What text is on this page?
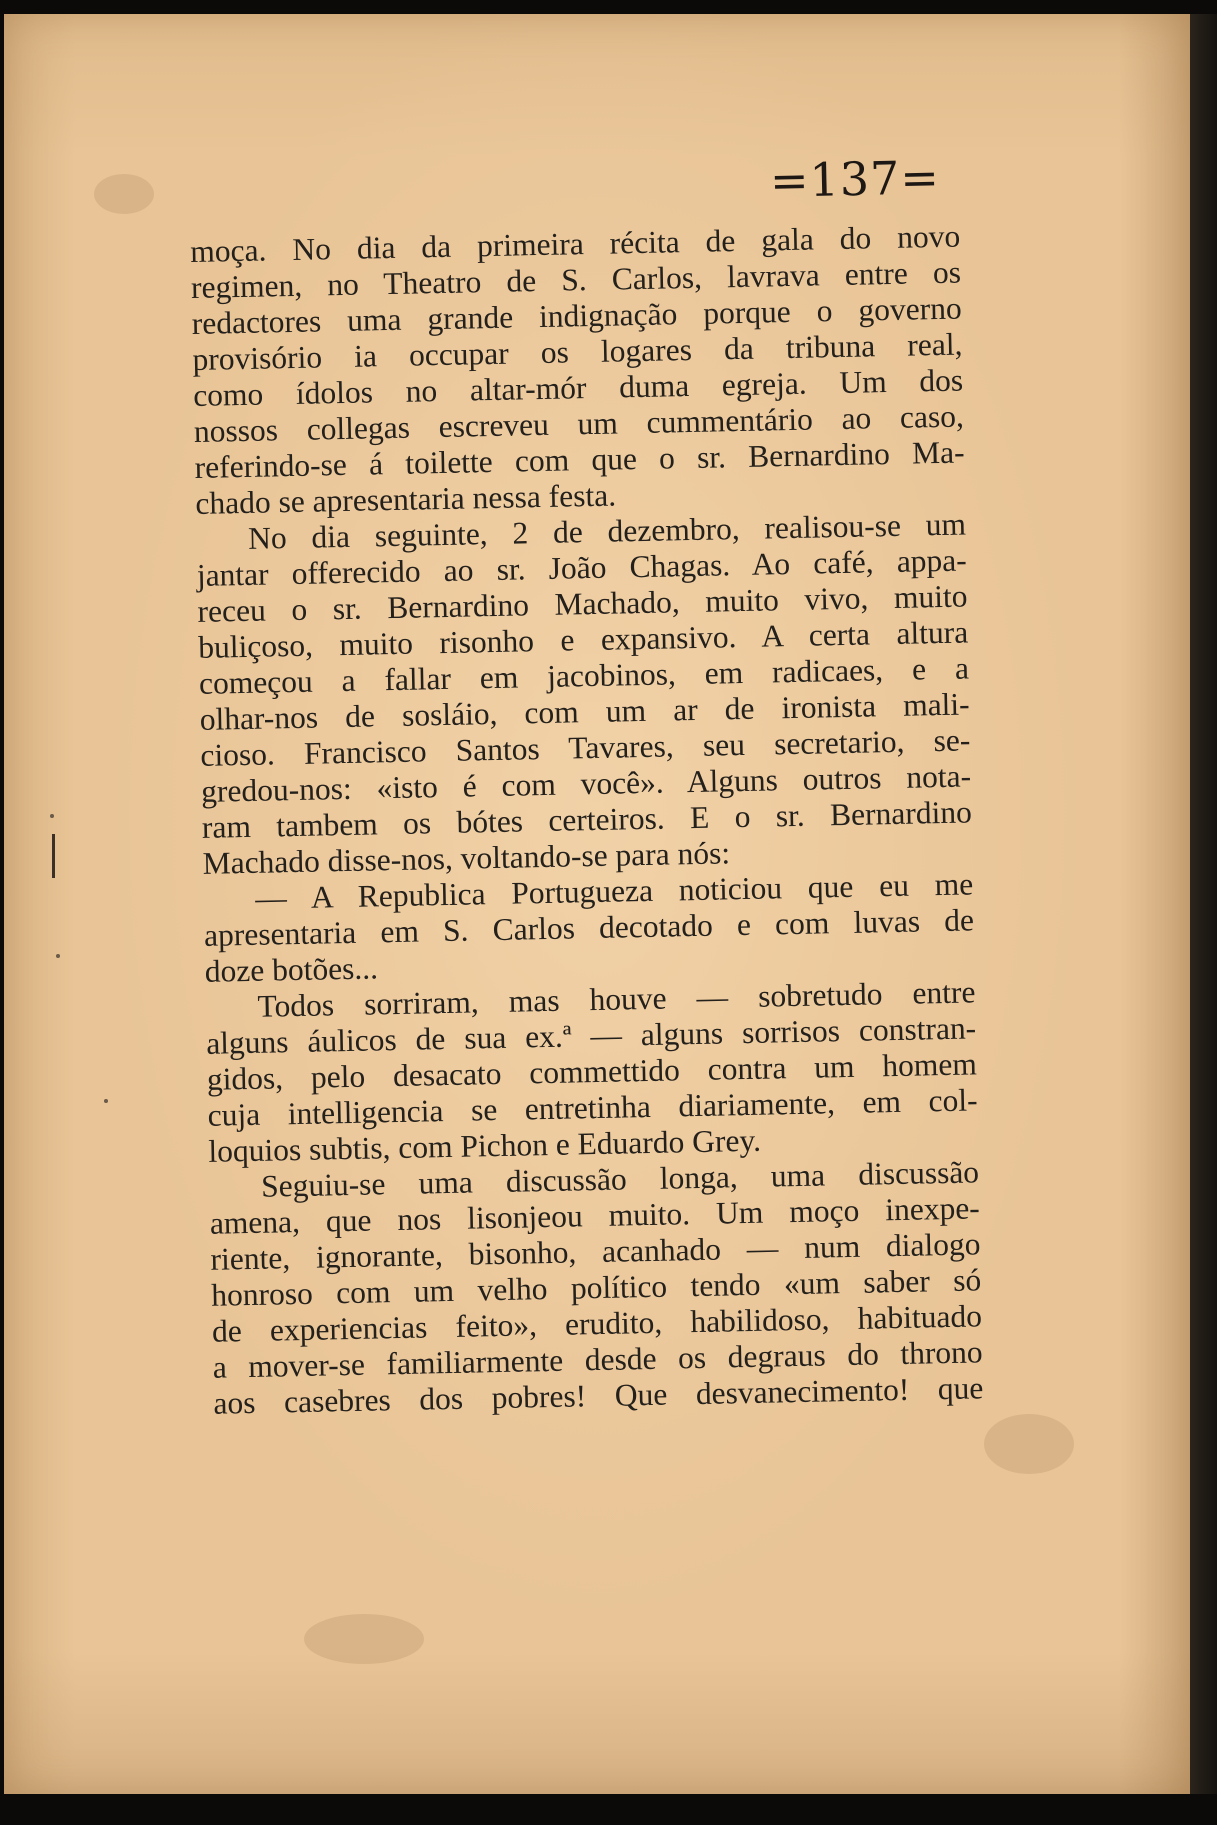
=137=
moça. No dia da primeira récita de gala do novo
regimen, no Theatro de S. Carlos, lavrava entre os
redactores uma grande indignação porque o governo
provisório ia occupar os logares da tribuna real,
como ídolos no altar-mór duma egreja. Um dos
nossos collegas escreveu um cummentário ao caso,
referindo-se á toilette com que o sr. Bernardino Ma-
chado se apresentaria nessa festa.
No dia seguinte, 2 de dezembro, realisou-se um
jantar offerecido ao sr. João Chagas. Ao café, appa-
receu o sr. Bernardino Machado, muito vivo, muito
buliçoso, muito risonho e expansivo. A certa altura
começou a fallar em jacobinos, em radicaes, e a
olhar-nos de sosláio, com um ar de ironista mali-
cioso. Francisco Santos Tavares, seu secretario, se-
gredou-nos: «isto é com você». Alguns outros nota-
ram tambem os bótes certeiros. E o sr. Bernardino
Machado disse-nos, voltando-se para nós:
— A Republica Portugueza noticiou que eu me
apresentaria em S. Carlos decotado e com luvas de
doze botões...
Todos sorriram, mas houve — sobretudo entre
alguns áulicos de sua ex.ª — alguns sorrisos constran-
gidos, pelo desacato commettido contra um homem
cuja intelligencia se entretinha diariamente, em col-
loquios subtis, com Pichon e Eduardo Grey.
Seguiu-se uma discussão longa, uma discussão
amena, que nos lisonjeou muito. Um moço inexpe-
riente, ignorante, bisonho, acanhado — num dialogo
honroso com um velho político tendo «um saber só
de experiencias feito», erudito, habilidoso, habituado
a mover-se familiarmente desde os degraus do throno
aos casebres dos pobres! Que desvanecimento! que
